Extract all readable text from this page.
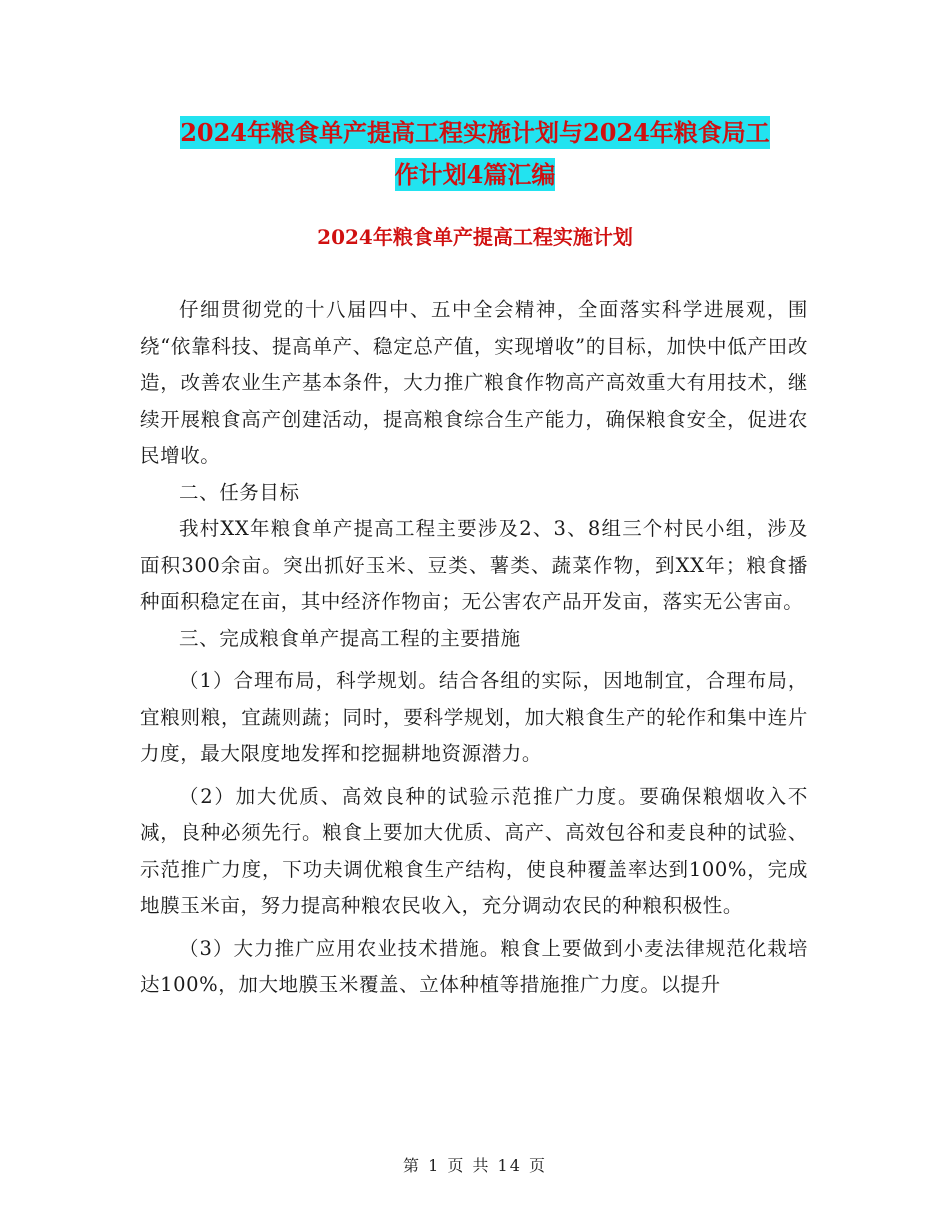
2024年粮食单产提高工程实施计划与2024年粮食局工
作计划4篇汇编
2024年粮食单产提高工程实施计划

仔细贯彻党的十八届四中、五中全会精神，全面落实科学进展观，围绕“依靠科技、提高单产、稳定总产值，实现增收”的目标，加快中低产田改造，改善农业生产基本条件，大力推广粮食作物高产高效重大有用技术，继续开展粮食高产创建活动，提高粮食综合生产能力，确保粮食安全，促进农民增收。

二、任务目标

我村XX年粮食单产提高工程主要涉及2、3、8组三个村民小组，涉及面积300余亩。突出抓好玉米、豆类、薯类、蔬菜作物，到XX年；粮食播种面积稳定在亩，其中经济作物亩；无公害农产品开发亩，落实无公害亩。

三、完成粮食单产提高工程的主要措施

（1）合理布局，科学规划。结合各组的实际，因地制宜，合理布局，宜粮则粮，宜蔬则蔬；同时，要科学规划，加大粮食生产的轮作和集中连片力度，最大限度地发挥和挖掘耕地资源潜力。

（2）加大优质、高效良种的试验示范推广力度。要确保粮烟收入不减，良种必须先行。粮食上要加大优质、高产、高效包谷和麦良种的试验、示范推广力度，下功夫调优粮食生产结构，使良种覆盖率达到100%，完成地膜玉米亩，努力提高种粮农民收入，充分调动农民的种粮积极性。

（3）大力推广应用农业技术措施。粮食上要做到小麦法律规范化栽培达100%，加大地膜玉米覆盖、立体种植等措施推广力度。以提升

第 1 页 共 14 页
